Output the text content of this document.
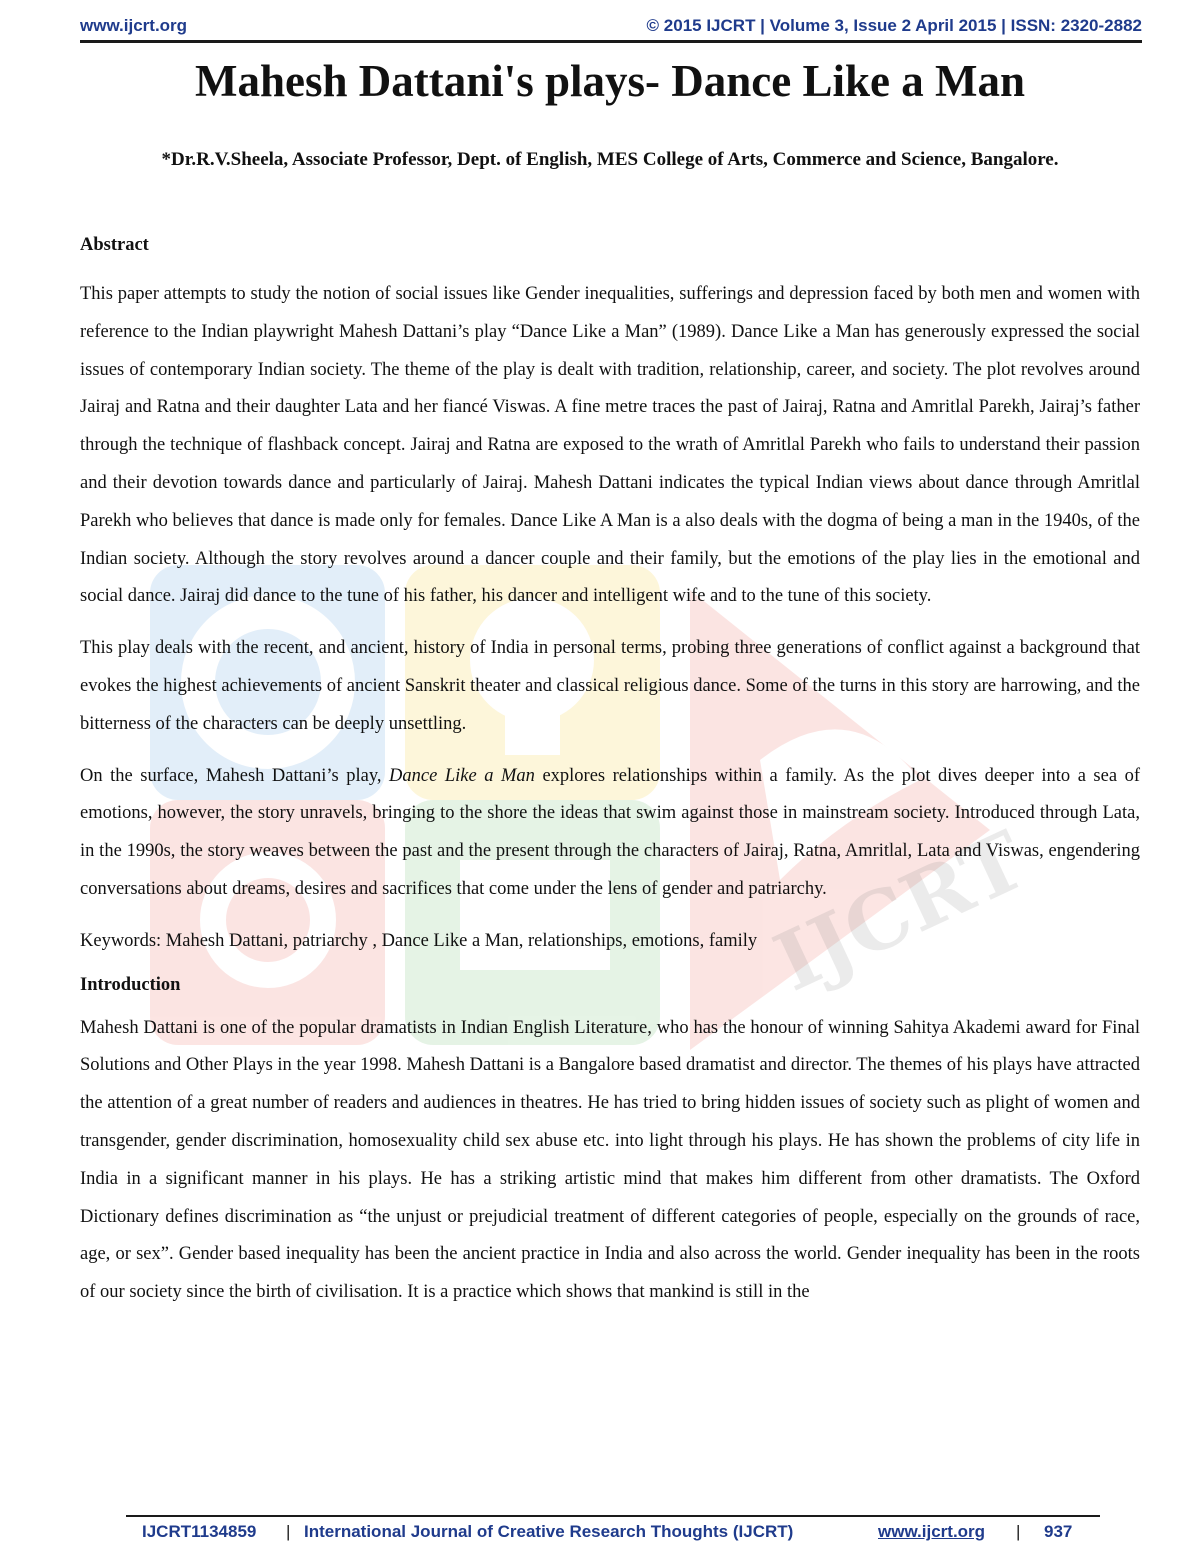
www.ijcrt.org	© 2015 IJCRT | Volume 3, Issue 2 April 2015 | ISSN: 2320-2882
IJCRT
Mahesh Dattani's plays- Dance Like a Man
*Dr.R.V.Sheela, Associate Professor, Dept. of English, MES College of Arts, Commerce and Science, Bangalore.
Abstract

This paper attempts to study the notion of social issues like Gender inequalities, sufferings and depression faced by both men and women with reference to the Indian playwright Mahesh Dattani’s play “Dance Like a Man” (1989). Dance Like a Man has generously expressed the social issues of contemporary Indian society. The theme of the play is dealt with tradition, relationship, career, and society. The plot revolves around Jairaj and Ratna and their daughter Lata and her fiancé Viswas. A fine metre traces the past of Jairaj, Ratna and Amritlal Parekh, Jairaj’s father through the technique of flashback concept. Jairaj and Ratna are exposed to the wrath of Amritlal Parekh who fails to understand their passion and their devotion towards dance and particularly of Jairaj. Mahesh Dattani indicates the typical Indian views about dance through Amritlal Parekh who believes that dance is made only for females. Dance Like A Man is a also deals with the dogma of being a man in the 1940s, of the Indian society. Although the story revolves around a dancer couple and their family, but the emotions of the play lies in the emotional and social dance. Jairaj did dance to the tune of his father, his dancer and intelligent wife and to the tune of this society.

This play deals with the recent, and ancient, history of India in personal terms, probing three generations of conflict against a background that evokes the highest achievements of ancient Sanskrit theater and classical religious dance. Some of the turns in this story are harrowing, and the bitterness of the characters can be deeply unsettling.

On the surface, Mahesh Dattani’s play, Dance Like a Man explores relationships within a family. As the plot dives deeper into a sea of emotions, however, the story unravels, bringing to the shore the ideas that swim against those in mainstream society. Introduced through Lata, in the 1990s, the story weaves between the past and the present through the characters of Jairaj, Ratna, Amritlal, Lata and Viswas, engendering conversations about dreams, desires and sacrifices that come under the lens of gender and patriarchy.

Keywords: Mahesh Dattani, patriarchy , Dance Like a Man, relationships, emotions, family

Introduction

Mahesh Dattani is one of the popular dramatists in Indian English Literature, who has the honour of winning Sahitya Akademi award for Final Solutions and Other Plays in the year 1998. Mahesh Dattani is a Bangalore based dramatist and director. The themes of his plays have attracted the attention of a great number of readers and audiences in theatres. He has tried to bring hidden issues of society such as plight of women and transgender, gender discrimination, homosexuality child sex abuse etc. into light through his plays. He has shown the problems of city life in India in a significant manner in his plays. He has a striking artistic mind that makes him different from other dramatists. The Oxford Dictionary defines discrimination as “the unjust or prejudicial treatment of different categories of people, especially on the grounds of race, age, or sex”. Gender based inequality has been the ancient practice in India and also across the world. Gender inequality has been in the roots of our society since the birth of civilisation. It is a practice which shows that mankind is still in the

IJCRT1134859 | International Journal of Creative Research Thoughts (IJCRT)	www.ijcrt.org | 937
